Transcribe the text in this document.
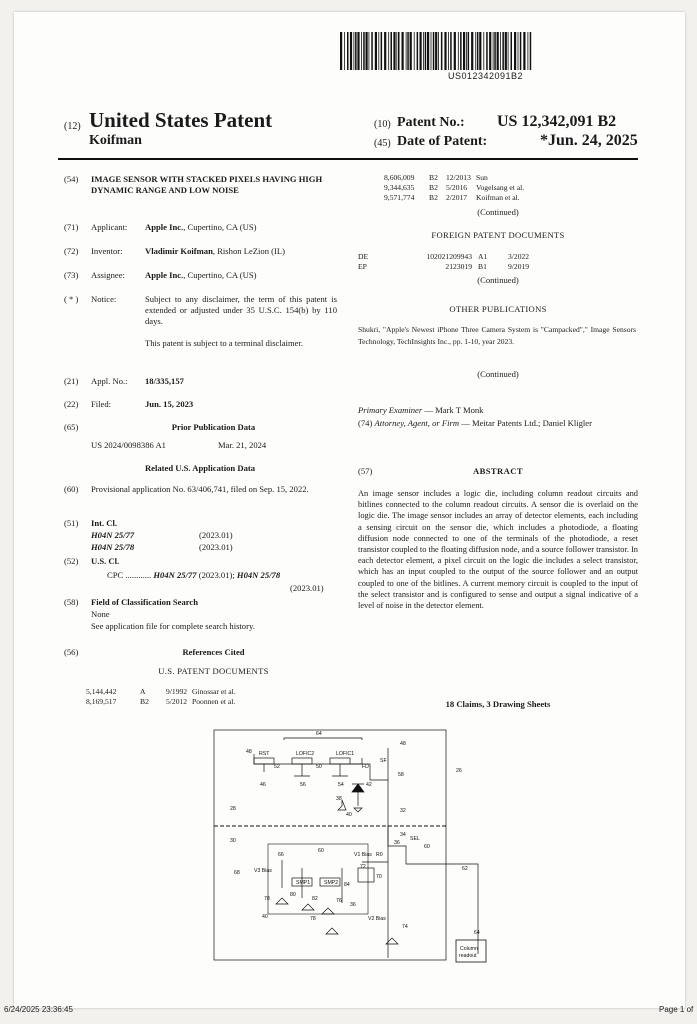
US012342091B2
(12) United States Patent
Koifman
(10) Patent No.: US 12,342,091 B2
(45) Date of Patent:	*Jun. 24, 2025
(54) IMAGE SENSOR WITH STACKED PIXELS HAVING HIGH DYNAMIC RANGE AND LOW NOISE
(71) Applicant: Apple Inc., Cupertino, CA (US)
(72) Inventor:	Vladimir Koifman, Rishon LeZion (IL)
(73) Assignee: Apple Inc., Cupertino, CA (US)
( * ) Notice:	Subject to any disclaimer, the term of this patent is extended or adjusted under 35 U.S.C. 154(b) by 110 days.
This patent is subject to a terminal disclaimer.
(21) Appl. No.: 18/335,157
(22) Filed:	Jun. 15, 2023
(65)	Prior Publication Data
US 2024/0098386 A1	Mar. 21, 2024
Related U.S. Application Data
(60) Provisional application No. 63/406,741, filed on Sep. 15, 2022.
(51) Int. Cl.
H04N 25/77	(2023.01)
H04N 25/78	(2023.01)
(52) U.S. Cl.
CPC ............ H04N 25/77 (2023.01); H04N 25/78
(2023.01)
(58) Field of Classification Search
None
See application file for complete search history.
(56)	References Cited
U.S. PATENT DOCUMENTS
5,144,442	A	9/1992 Ginossar et al.
8,169,517	B2	5/2012 Poonnen et al.
8,606,009	B2	12/2013 Sun
9,344,635	B2	5/2016	Vogelsang et al.
9,571,774	B2	2/2017	Koifman et al.
(Continued)
FOREIGN PATENT DOCUMENTS
DE	102021209943 A1	3/2022
EP	2123019 B1	9/2019
(Continued)
OTHER PUBLICATIONS
Shukri, "Apple's Newest iPhone Three Camera System is "Campacked"," Image Sensors Technology, TechInsights Inc., pp. 1-10, year 2023.
(Continued)
Primary Examiner — Mark T Monk
(74) Attorney, Agent, or Firm — Meitar Patents Ltd.; Daniel Kligler
(57)	ABSTRACT
An image sensor includes a logic die, including column readout circuits and bitlines connected to the column readout circuits. A sensor die is overlaid on the logic die. The image sensor includes an array of detector elements, each including a sensing circuit on the sensor die, which includes a photodiode, a floating diffusion node connected to one of the terminals of the photodiode, a reset transistor coupled to the floating diffusion node, and a source follower transistor. In each detector element, a pixel circuit on the logic die includes a select transistor, which has an input coupled to the output of the source follower and an output coupled to one of the bitlines. A current memory circuit is coupled to the input of the select transistor and is configured to sense and output a signal indicative of a level of noise in the detector element.
18 Claims, 3 Drawing Sheets
64
48 RST	LOFIC2	LOFIC1
FD
SF
48
52	50
58
46	56	54	42
26
38
40
28	32
34
36
SEL
60
30
60
V1 Bias R0
66
V3 Bias
SMP1	SMP2
72
70
62
68
80
84
78	82	76
36
78
40	V2 Bias
74
64
Column
readout
6/24/2025 23:36:45	Page 1 of
